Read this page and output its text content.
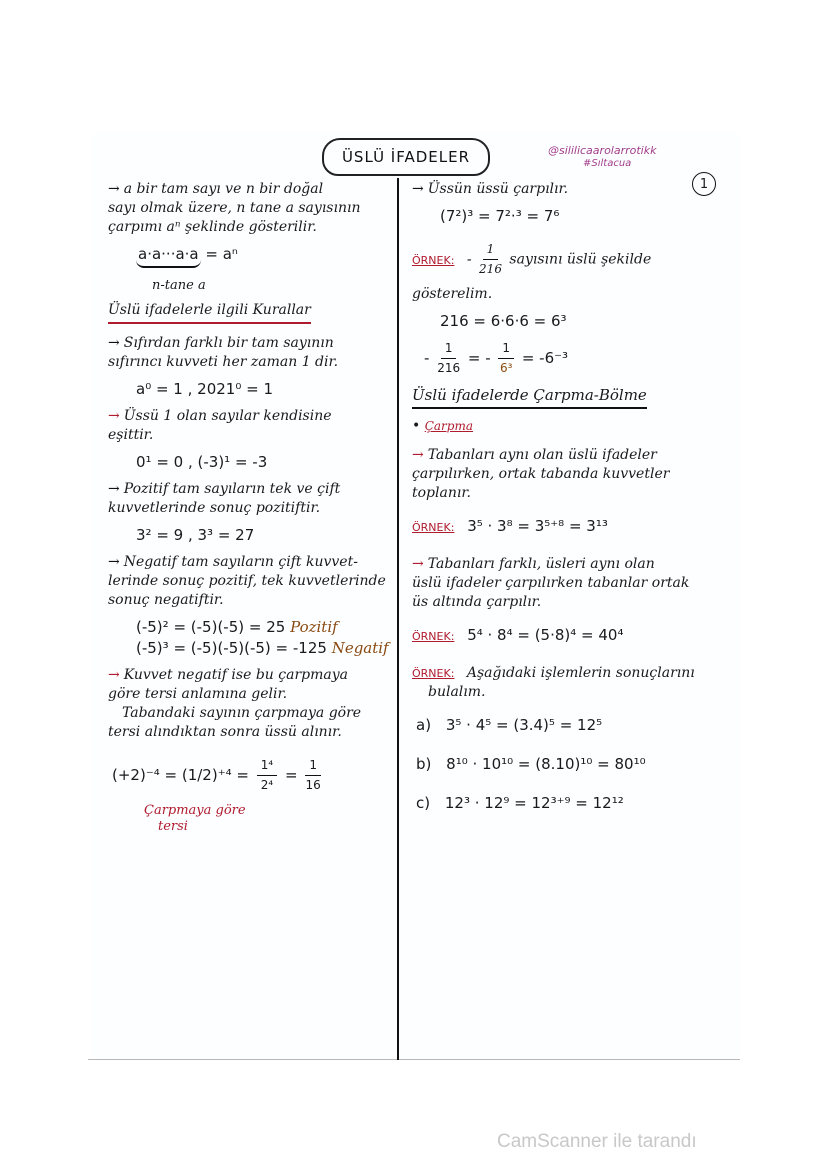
ÜSLÜ İFADELER	@sililicaarolarrotikk
#Sıltacua
1
→ a bir tam sayı ve n bir doğal
sayı olmak üzere, n tane a sayısının
çarpımı aⁿ şeklinde gösterilir.
a·a···a·a = aⁿ
n-tane a
Üslü ifadelerle ilgili Kurallar
→ Sıfırdan farklı bir tam sayının
sıfırıncı kuvveti her zaman 1 dir.
a⁰ = 1 , 2021⁰ = 1
→ Üssü 1 olan sayılar kendisine
eşittir.
0¹ = 0 , (-3)¹ = -3
→ Pozitif tam sayıların tek ve çift
kuvvetlerinde sonuç pozitiftir.
3² = 9 , 3³ = 27
→ Negatif tam sayıların çift kuvvet-
lerinde sonuç pozitif, tek kuvvetlerinde
sonuç negatiftir.
(-5)² = (-5)(-5) = 25 Pozitif
(-5)³ = (-5)(-5)(-5) = -125 Negatif
→ Kuvvet negatif ise bu çarpmaya
göre tersi anlamına gelir.
Tabandaki sayının çarpmaya göre
tersi alındıktan sonra üssü alınır.
$(+2)^{-4} = (1/2)^{+4} = \frac{\text{1⁴}}{\text{2⁴}} = \frac{1}{16}$
Çarpmaya göre
tersi
→ Üssün üssü çarpılır.
(7²)³ = 7²·³ = 7⁶
ÖRNEK: - $\frac{1}{216}$ sayısını üslü şekilde
gösterelim.
216 = 6·6·6 = 6³
- $\frac{1}{216}$ = - $\frac{1}{\text{6³}} = -6^{-3}$
Üslü ifadelerde Çarpma-Bölme
• Çarpma
→ Tabanları aynı olan üslü ifadeler
çarpılırken, ortak tabanda kuvvetler
toplanır.
ÖRNEK: 3⁵ · 3⁸ = 3⁵⁺⁸ = 3¹³
→ Tabanları farklı, üsleri aynı olan
üslü ifadeler çarpılırken tabanlar ortak
üs altında çarpılır.
ÖRNEK: 5⁴ · 8⁴ = (5·8)⁴ = 40⁴
ÖRNEK: Aşağıdaki işlemlerin sonuçlarını
bulalım.
a) 3⁵ · 4⁵ = (3.4)⁵ = 12⁵
b) 8¹⁰ · 10¹⁰ = (8.10)¹⁰ = 80¹⁰
c) 12³ · 12⁹ = 12³⁺⁹ = 12¹²
CamScanner ile tarandı
